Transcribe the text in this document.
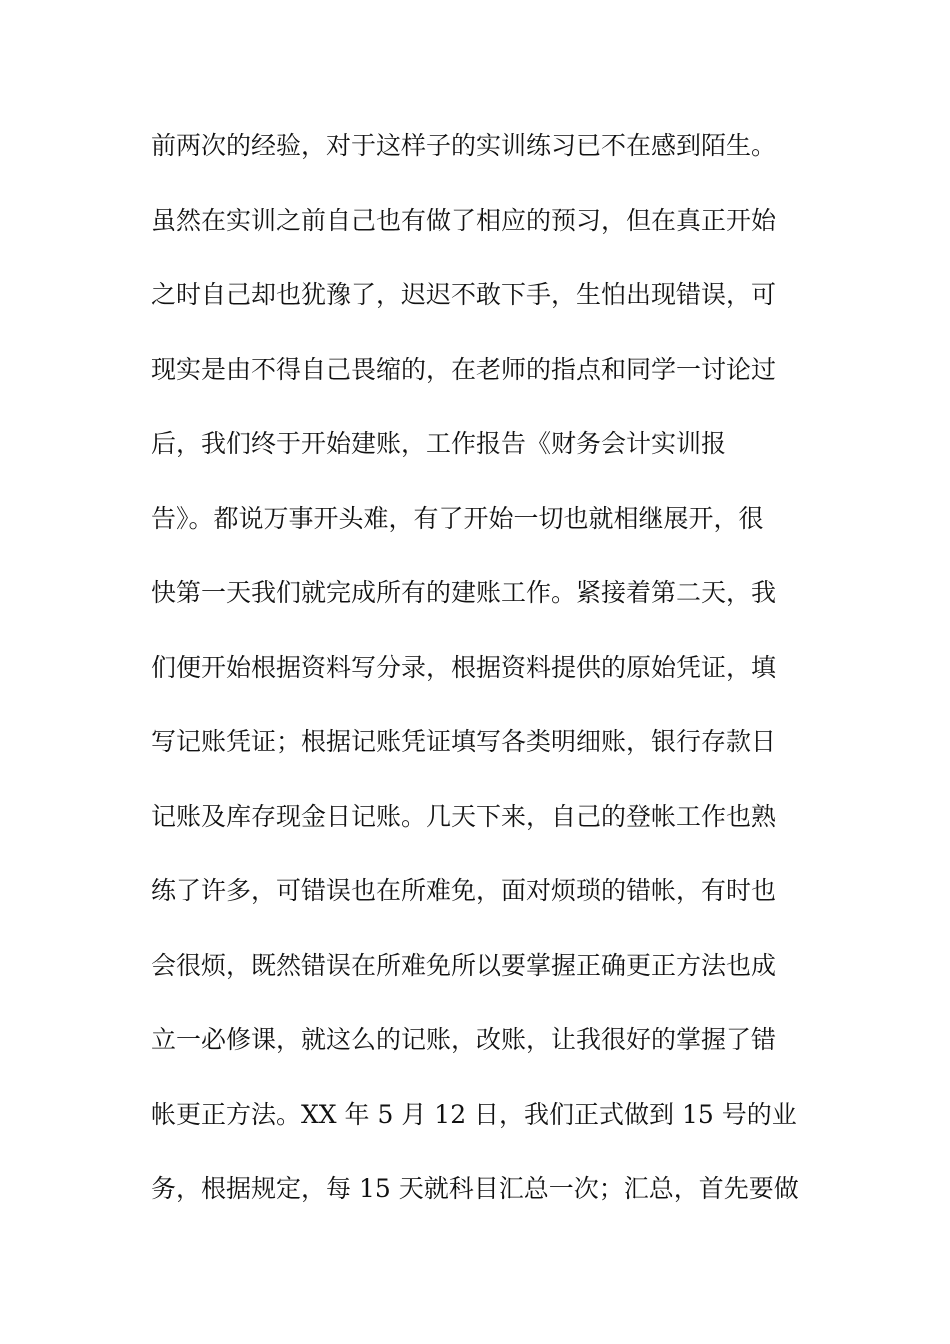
前两次的经验，对于这样子的实训练习已不在感到陌生。
虽然在实训之前自己也有做了相应的预习，但在真正开始
之时自己却也犹豫了，迟迟不敢下手，生怕出现错误，可
现实是由不得自己畏缩的，在老师的指点和同学一讨论过
后，我们终于开始建账，工作报告《财务会计实训报
告》。都说万事开头难，有了开始一切也就相继展开，很
快第一天我们就完成所有的建账工作。紧接着第二天，我
们便开始根据资料写分录，根据资料提供的原始凭证，填
写记账凭证；根据记账凭证填写各类明细账，银行存款日
记账及库存现金日记账。几天下来，自己的登帐工作也熟
练了许多，可错误也在所难免，面对烦琐的错帐，有时也
会很烦，既然错误在所难免所以要掌握正确更正方法也成
立一必修课，就这么的记账，改账，让我很好的掌握了错
帐更正方法。XX 年 5 月 12 日，我们正式做到 15 号的业
务，根据规定，每 15 天就科目汇总一次；汇总，首先要做
